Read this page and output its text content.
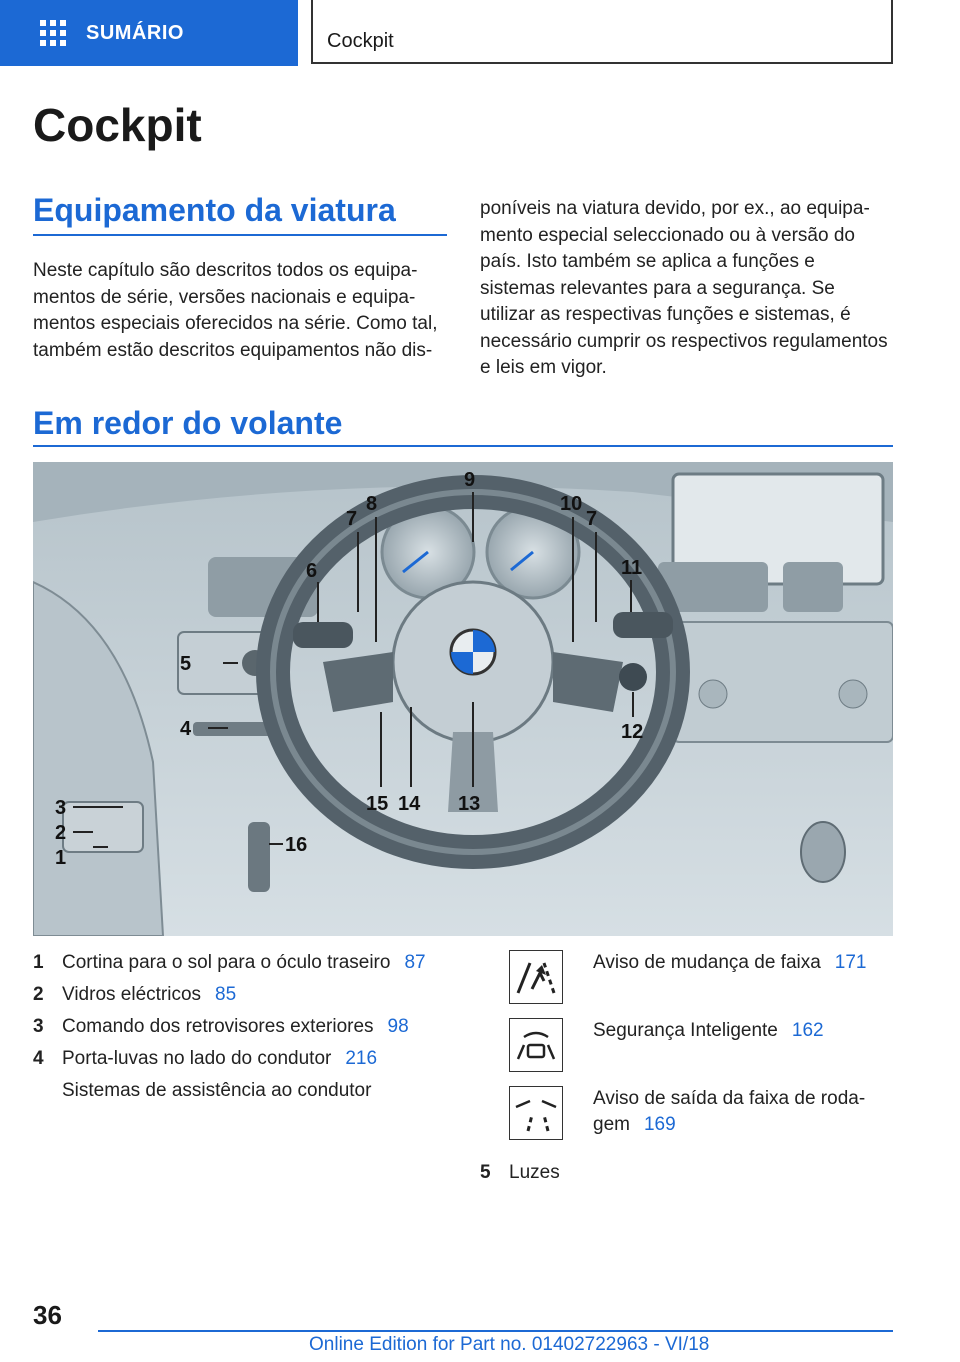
SUMÁRIO	Cockpit
Cockpit
Equipamento da viatura

Neste capítulo são descritos todos os equipamentos de série, versões nacionais e equipamentos especiais oferecidos na série. Como tal, também estão descritos equipamentos não dis-

poníveis na viatura devido, por ex., ao equipamento especial seleccionado ou à versão do país. Isto também se aplica a funções e sistemas relevantes para a segurança. Se utilizar as respectivas funções e sistemas, é necessário cumprir os respectivos regulamentos e leis em vigor.

Em redor do volante
1
2
3
4
5
6
7
8
9
10
7
11
12
13
14
15
16
1 Cortina para o sol para o óculo traseiro 87
2 Vidros eléctricos 85
3 Comando dos retrovisores exteriores 98
4 Porta-luvas no lado do condutor 216
Sistemas de assistência ao condutor
Aviso de mudança de faixa 171
Segurança Inteligente 162
Aviso de saída da faixa de roda-
gem 169
5 Luzes
36
Online Edition for Part no. 01402722963 - VI/18
